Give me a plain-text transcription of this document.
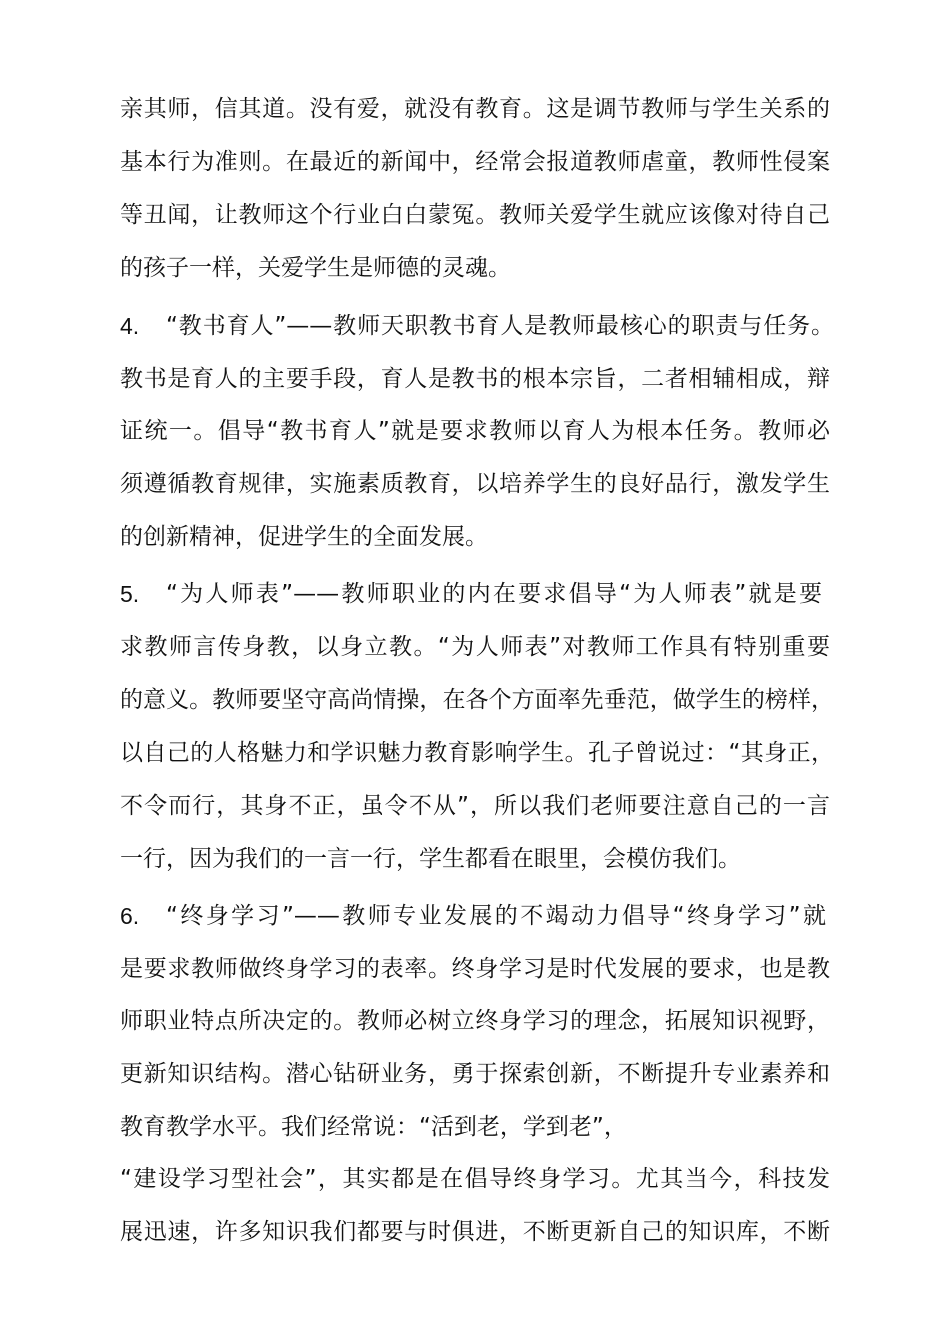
亲其师，信其道。没有爱，就没有教育。这是调节教师与学生关系的
基本行为准则。在最近的新闻中，经常会报道教师虐童，教师性侵案
等丑闻，让教师这个行业白白蒙冤。教师关爱学生就应该像对待自己
的孩子一样，关爱学生是师德的灵魂。
4.	“教书育人”——教师天职教书育人是教师最核心的职责与任务。
教书是育人的主要手段，育人是教书的根本宗旨，二者相辅相成，辩
证统一。倡导“教书育人”就是要求教师以育人为根本任务。教师必
须遵循教育规律，实施素质教育，以培养学生的良好品行，激发学生
的创新精神，促进学生的全面发展。
5.	“为人师表”——教师职业的内在要求倡导“为人师表”就是要
求教师言传身教，以身立教。“为人师表”对教师工作具有特别重要
的意义。教师要坚守高尚情操，在各个方面率先垂范，做学生的榜样，
以自己的人格魅力和学识魅力教育影响学生。孔子曾说过：“其身正，
不令而行，其身不正，虽令不从”，所以我们老师要注意自己的一言
一行，因为我们的一言一行，学生都看在眼里，会模仿我们。
6.	“终身学习”——教师专业发展的不竭动力倡导“终身学习”就
是要求教师做终身学习的表率。终身学习是时代发展的要求，也是教
师职业特点所决定的。教师必树立终身学习的理念，拓展知识视野，
更新知识结构。潜心钻研业务，勇于探索创新，不断提升专业素养和
教育教学水平。我们经常说：“活到老，学到老”，
“建设学习型社会”，其实都是在倡导终身学习。尤其当今，科技发
展迅速，许多知识我们都要与时俱进，不断更新自己的知识库，不断
